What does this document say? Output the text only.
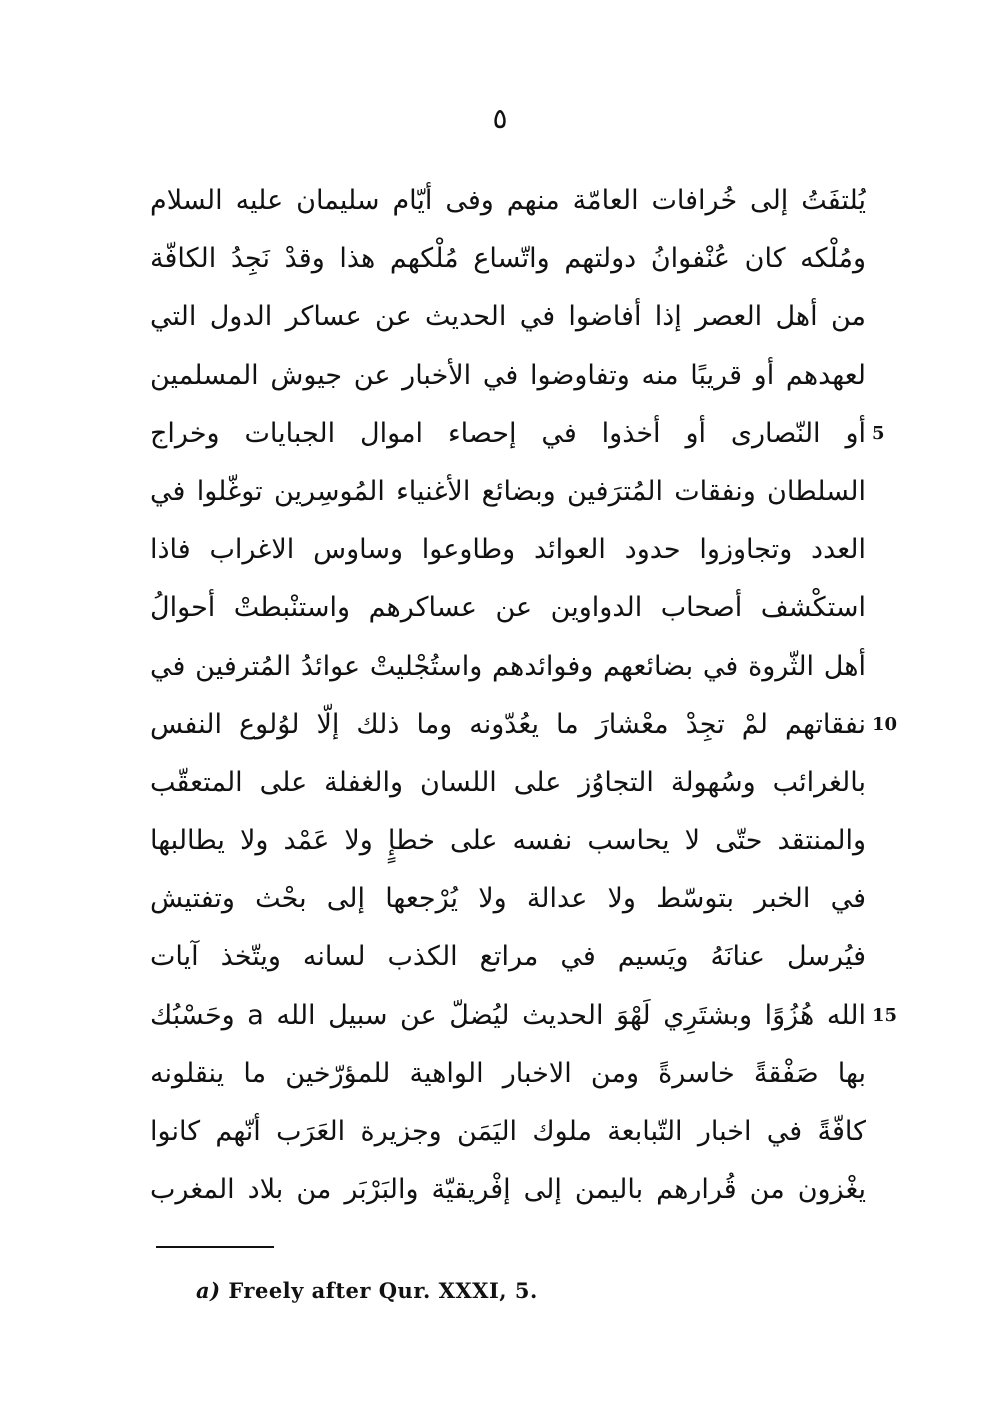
٥
يُلتفَتُ إلى خُرافات العامّة منهم وفى أيّام سليمان عليه السلام
ومُلْكه كان عُنْفوانُ دولتهم واتّساع مُلْكهم هذا وقدْ نَجِدُ الكافّة
من أهل العصر إذا أفاضوا في الحديث عن عساكر الدول التي
لعهدهم أو قريبًا منه وتفاوضوا في الأخبار عن جيوش المسلمين
أو النّصارى أو أخذوا في إحصاء اموال الجبايات وخراج 5
السلطان ونفقات المُترَفين وبضائع الأغنياء المُوسِرين توغّلوا في
العدد وتجاوزوا حدود العوائد وطاوعوا وساوس الاغراب فاذا
استكْشف أصحاب الدواوين عن عساكرهم واستنْبطتْ أحوالُ
أهل الثّروة في بضائعهم وفوائدهم واستُجْليتْ عوائدُ المُترفين في
نفقاتهم لمْ تجِدْ معْشارَ ما يعُدّونه وما ذلك إلّا لوُلوع النفس 10
بالغرائب وسُهولة التجاوُز على اللسان والغفلة على المتعقّب
والمنتقد حتّى لا يحاسب نفسه على خطإٍ ولا عَمْد ولا يطالبها
في الخبر بتوسّط ولا عدالة ولا يُرْجعها إلى بحْث وتفتيش
فيُرسل عنانَهُ ويَسيم في مراتع الكذب لسانه ويتّخذ آيات
الله هُزُوًا وبشتَرِي لَهْوَ الحديث ليُضلّ عن سبيل الله a وحَسْبُك 15
بها صَفْقةً خاسرةً ومن الاخبار الواهية للمؤرّخين ما ينقلونه
كافّةً في اخبار التّبابعة ملوك اليَمَن وجزيرة العَرَب أنّهم كانوا
يغْزون من قُرارهم باليمن إلى إفْريقيّة والبَرْبَر من بلاد المغرب
a) Freely after Qur. XXXI, 5.
